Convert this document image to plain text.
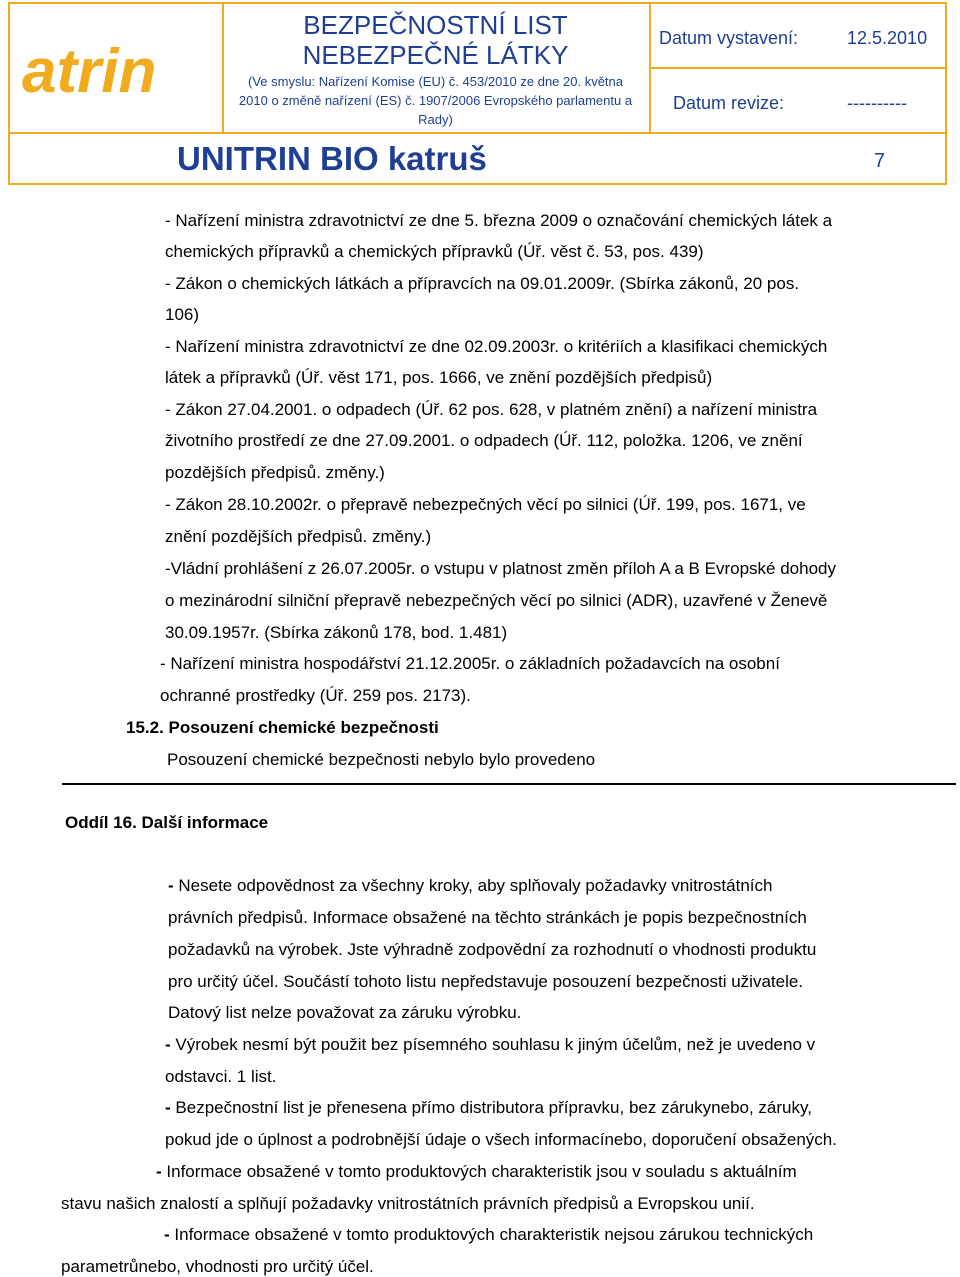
atrin
BEZPEČNOSTNÍ LIST
NEBEZPEČNÉ LÁTKY
(Ve smyslu: Nařízení Komise (EU) č. 453/2010 ze dne 20. května
2010 o změně nařízení (ES) č. 1907/2006 Evropského parlamentu a
Rady)
Datum vystavení:	12.5.2010
Datum revize:	----------
UNITRIN BIO katruš	7
- Nařízení ministra zdravotnictví ze dne 5. března 2009 o označování chemických látek a
chemických přípravků a chemických přípravků (Úř. věst č. 53, pos. 439)
- Zákon o chemických látkách a přípravcích na 09.01.2009r. (Sbírka zákonů, 20 pos.
106)
- Nařízení ministra zdravotnictví ze dne 02.09.2003r. o kritériích a klasifikaci chemických
látek a přípravků (Úř. věst 171, pos. 1666, ve znění pozdějších předpisů)
- Zákon 27.04.2001. o odpadech (Úř. 62 pos. 628, v platném znění) a nařízení ministra
životního prostředí ze dne 27.09.2001. o odpadech (Úř. 112, položka. 1206, ve znění
pozdějších předpisů. změny.)
- Zákon 28.10.2002r. o přepravě nebezpečných věcí po silnici (Úř. 199, pos. 1671, ve
znění pozdějších předpisů. změny.)
-Vládní prohlášení z 26.07.2005r. o vstupu v platnost změn příloh A a B Evropské dohody
o mezinárodní silniční přepravě nebezpečných věcí po silnici (ADR), uzavřené v Ženevě
30.09.1957r. (Sbírka zákonů 178, bod. 1.481)
- Nařízení ministra hospodářství 21.12.2005r. o základních požadavcích na osobní
ochranné prostředky (Úř. 259 pos. 2173).
15.2. Posouzení chemické bezpečnosti
Posouzení chemické bezpečnosti nebylo bylo provedeno
Oddíl 16. Další informace
- Nesete odpovědnost za všechny kroky, aby splňovaly požadavky vnitrostátních
právních předpisů. Informace obsažené na těchto stránkách je popis bezpečnostních
požadavků na výrobek. Jste výhradně zodpovědní za rozhodnutí o vhodnosti produktu
pro určitý účel. Součástí tohoto listu nepředstavuje posouzení bezpečnosti uživatele.
Datový list nelze považovat za záruku výrobku.
- Výrobek nesmí být použit bez písemného souhlasu k jiným účelům, než je uvedeno v
odstavci. 1 list.
- Bezpečnostní list je přenesena přímo distributora přípravku, bez zárukynebo, záruky,
pokud jde o úplnost a podrobnější údaje o všech informacínebo, doporučení obsažených.
- Informace obsažené v tomto produktových charakteristik jsou v souladu s aktuálním
stavu našich znalostí a splňují požadavky vnitrostátních právních předpisů a Evropskou unií.
- Informace obsažené v tomto produktových charakteristik nejsou zárukou technických
parametrůnebo, vhodnosti pro určitý účel.
